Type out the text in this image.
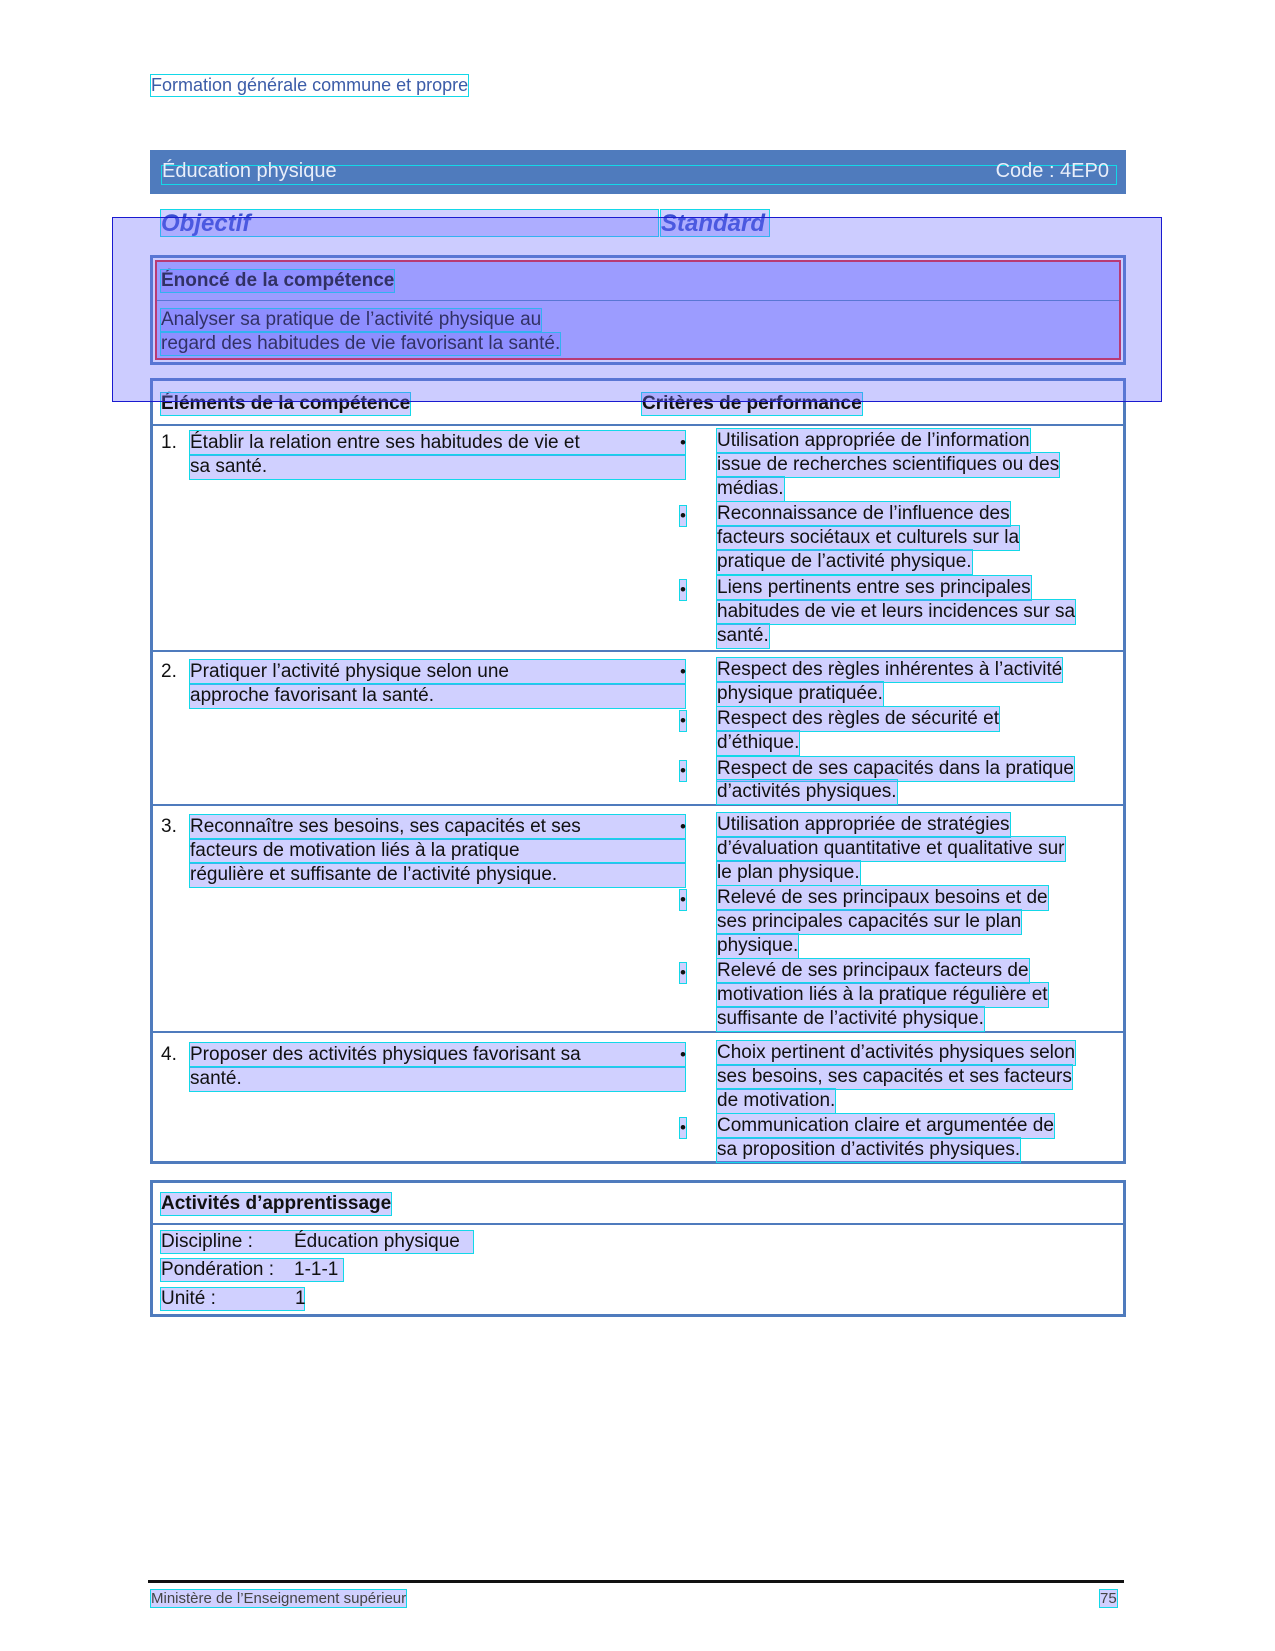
Formation générale commune et propre
Éducation physique	Code : 4EP0
Objectif	Standard
Énoncé de la compétence
Analyser sa pratique de l’activité physique au
regard des habitudes de vie favorisant la santé.
Éléments de la compétence	Critères de performance
1. Établir la relation entre ses habitudes de vie et
sa santé.
• Utilisation appropriée de l’information
issue de recherches scientifiques ou des
médias.
• Reconnaissance de l’influence des
facteurs sociétaux et culturels sur la
pratique de l’activité physique.
• Liens pertinents entre ses principales
habitudes de vie et leurs incidences sur sa
santé.
2. Pratiquer l’activité physique selon une
approche favorisant la santé.
• Respect des règles inhérentes à l’activité
physique pratiquée.
• Respect des règles de sécurité et
d’éthique.
• Respect de ses capacités dans la pratique
d’activités physiques.
3. Reconnaître ses besoins, ses capacités et ses
facteurs de motivation liés à la pratique
régulière et suffisante de l’activité physique.
• Utilisation appropriée de stratégies
d’évaluation quantitative et qualitative sur
le plan physique.
• Relevé de ses principaux besoins et de
ses principales capacités sur le plan
physique.
• Relevé de ses principaux facteurs de
motivation liés à la pratique régulière et
suffisante de l’activité physique.
4. Proposer des activités physiques favorisant sa
santé.
• Choix pertinent d’activités physiques selon
ses besoins, ses capacités et ses facteurs
de motivation.
• Communication claire et argumentée de
sa proposition d’activités physiques.
Activités d’apprentissage
Discipline : Éducation physique
Pondération : 1-1-1
Unité :	1
Ministère de l’Enseignement supérieur	75
